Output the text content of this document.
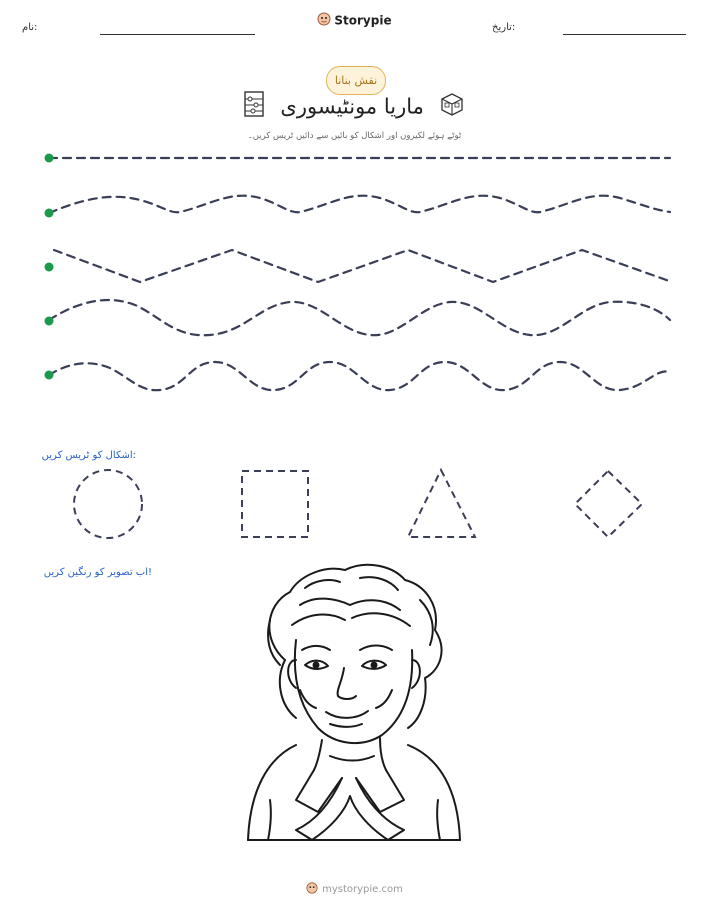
نام:	تاریخ:
Storypie
نقش بنانا
ماریا مونٹیسوری
ٹوٹے ہوئے لکیروں اور اشکال کو بائیں سے دائیں ٹریس کریں۔
اشکال کو ٹریس کریں:
اب تصویر کو رنگین کریں!
mystorypie.com
